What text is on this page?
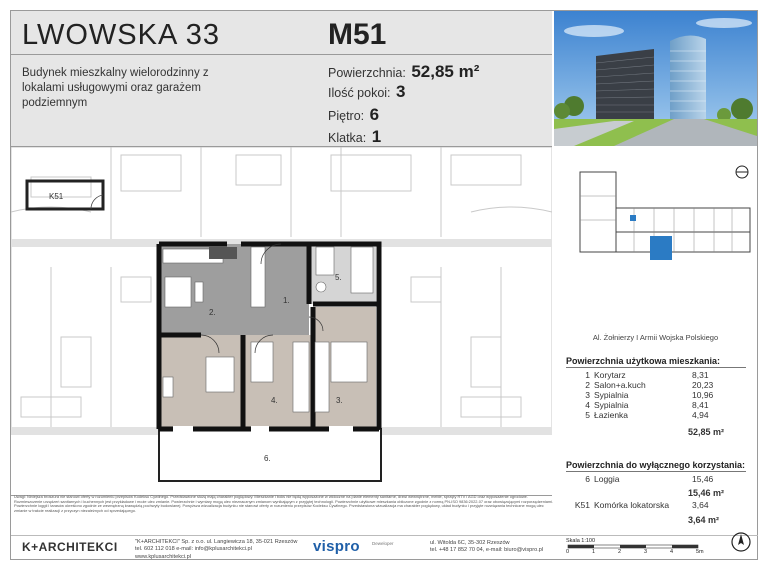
LWOWSKA 33	M51
Budynek mieszkalny wielorodzinny z lokalami usługowymi oraz garażem podziemnym
Powierzchnia: 52,85 m²
Ilość pokoi: 3
Piętro: 6
Klatka: 1
K51
2.
1.
5.
4.	3.
6.
Al. Żołnierzy I Armii Wojska Polskiego
Powierzchnia użytkowa mieszkania:
1 Korytarz	8,31
2 Salon+a.kuch	20,23
3 Sypialnia	10,96
4 Sypialnia	8,41
5 Łazienka	4,94
52,85 m²
Powierzchnia do wyłącznego korzystania:
6 Loggia	15,46
15,46 m²
K51 Komórka lokatorska	3,64
3,64 m²
Uwagi: Niniejsza broszura nie stanowi oferty w rozumieniu przepisów Kodeksu Cywilnego. Przedstawione służą mają charakter poglądowy. Mieszkanie i boks nie będą wyposażone w widoczne na planie elementy sanitarne, drzwi wewnętrzne, meble, sprzęty RTV i AGD oraz wyposażenie ogrodowe. Rozmieszczenie urządzeń sanitarnych i kuchennych jest przykładowe i może ulec zmianie. Powierzchnie i wymiary mogą ulec nieznacznym zmianom wynikającym z przyjętej technologii. Powierzchnie użytkowe mieszkania obliczone zgodnie z normą PN-ISO 9836:2022-07 oraz obowiązującymi rozporządzeniami. Powierzchnie loggii i tarasów określono zgodnie ze wewnętrzną krawędzią pochwyty budowlanej. Powyższa wizualizacja budynku nie stanowi oferty w rozumieniu przepisów Kodeksu Cywilnego. Przedstawiona wizualizacja ma charakter poglądowy, układ budynku i przyjęte rozwiązania techniczne mogą ulec zmianie w trakcie realizacji z przyczyn niezależnych od sprzedającego.
K+ARCHITEKCI	"K+ARCHITEKCI" Sp. z o.o. ul. Langiewicza 18, 35-021 Rzeszów
tel. 602 112 018 e-mail: info@kplusarchitekci.pl
www.kplusarchitekci.pl
vispro	Deweloper	ul. Witolda 6C, 35-302 Rzeszów
tel. +48 17 852 70 04, e-mail: biuro@vispro.pl
Skala 1:100
0	1	2	3	4	5m
